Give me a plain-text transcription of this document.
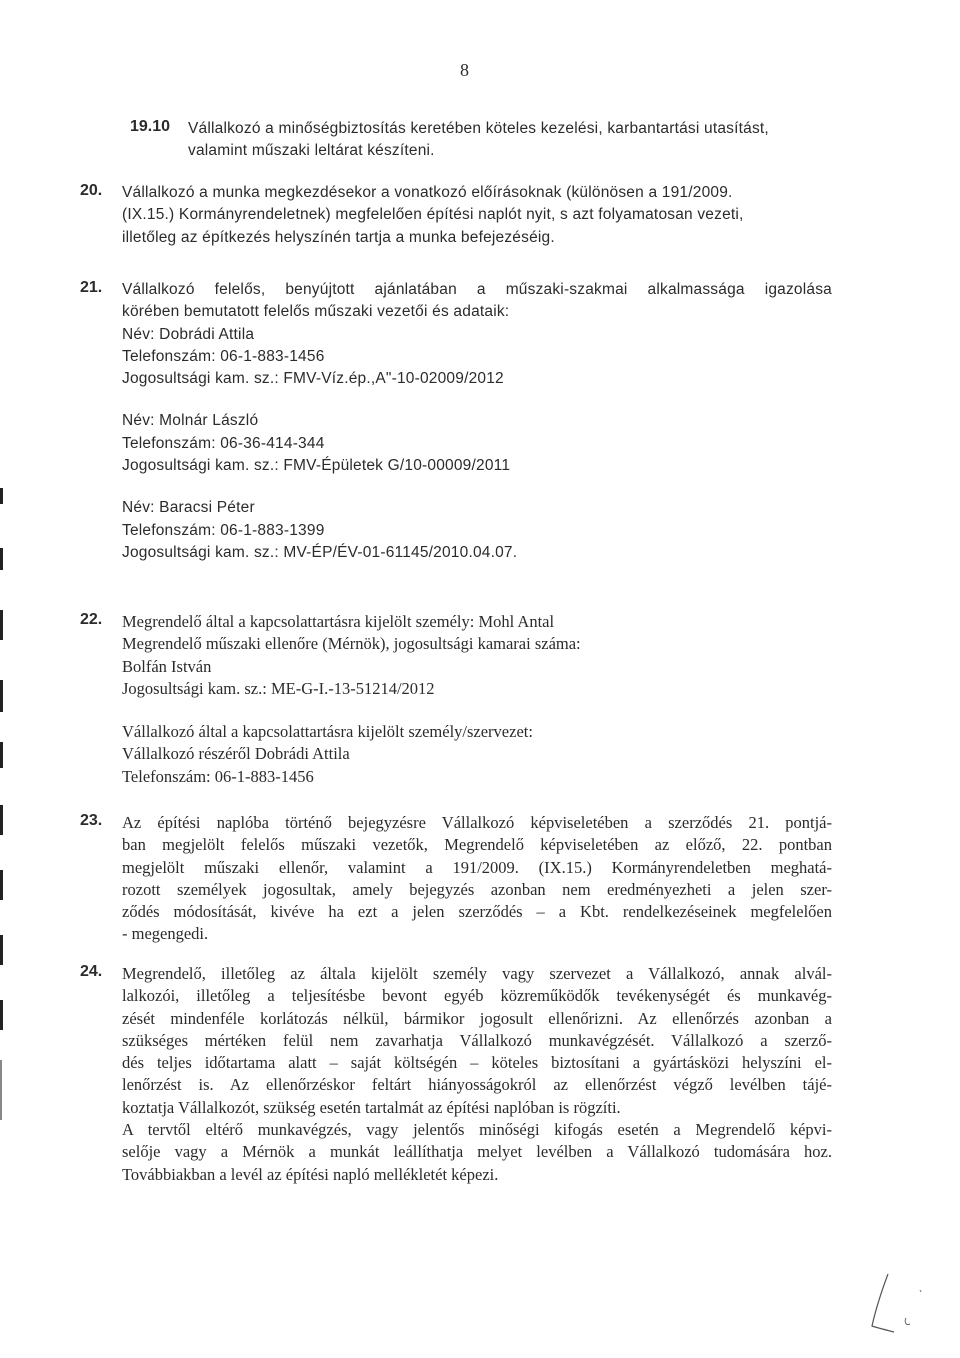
8
19.10 Vállalkozó a minőségbiztosítás keretében köteles kezelési, karbantartási utasítást,
valamint műszaki leltárat készíteni.
20. Vállalkozó a munka megkezdésekor a vonatkozó előírásoknak (különösen a 191/2009.
(IX.15.) Kormányrendeletnek) megfelelően építési naplót nyit, s azt folyamatosan vezeti,
illetőleg az építkezés helyszínén tartja a munka befejezéséig.
21. Vállalkozó felelős, benyújtott ajánlatában a műszaki-szakmai alkalmassága igazolása
körében bemutatott felelős műszaki vezetői és adataik:
Név: Dobrádi Attila
Telefonszám: 06-1-883-1456
Jogosultsági kam. sz.: FMV-Víz.ép.,A"-10-02009/2012
Név: Molnár László
Telefonszám: 06-36-414-344
Jogosultsági kam. sz.: FMV-Épületek G/10-00009/2011
Név: Baracsi Péter
Telefonszám: 06-1-883-1399
Jogosultsági kam. sz.: MV-ÉP/ÉV-01-61145/2010.04.07.
22. Megrendelő által a kapcsolattartásra kijelölt személy: Mohl Antal
Megrendelő műszaki ellenőre (Mérnök), jogosultsági kamarai száma:
Bolfán István
Jogosultsági kam. sz.: ME-G-I.-13-51214/2012
Vállalkozó által a kapcsolattartásra kijelölt személy/szervezet:
Vállalkozó részéről Dobrádi Attila
Telefonszám: 06-1-883-1456
23. Az építési naplóba történő bejegyzésre Vállalkozó képviseletében a szerződés 21. pontjá-
ban megjelölt felelős műszaki vezetők, Megrendelő képviseletében az előző, 22. pontban
megjelölt műszaki ellenőr, valamint a 191/2009. (IX.15.) Kormányrendeletben meghatá-
rozott személyek jogosultak, amely bejegyzés azonban nem eredményezheti a jelen szer-
ződés módosítását, kivéve ha ezt a jelen szerződés – a Kbt. rendelkezéseinek megfelelően
- megengedi.
24. Megrendelő, illetőleg az általa kijelölt személy vagy szervezet a Vállalkozó, annak alvál-
lalkozói, illetőleg a teljesítésbe bevont egyéb közreműködők tevékenységét és munkavég-
zését mindenféle korlátozás nélkül, bármikor jogosult ellenőrizni. Az ellenőrzés azonban a
szükséges mértéken felül nem zavarhatja Vállalkozó munkavégzését. Vállalkozó a szerző-
dés teljes időtartama alatt – saját költségén – köteles biztosítani a gyártásközi helyszíni el-
lenőrzést is. Az ellenőrzéskor feltárt hiányosságokról az ellenőrzést végző levélben tájé-
koztatja Vállalkozót, szükség esetén tartalmát az építési naplóban is rögzíti.
A tervtől eltérő munkavégzés, vagy jelentős minőségi kifogás esetén a Megrendelő képvi-
selője vagy a Mérnök a munkát leállíthatja melyet levélben a Vállalkozó tudomására hoz.
Továbbiakban a levél az építési napló mellékletét képezi.
